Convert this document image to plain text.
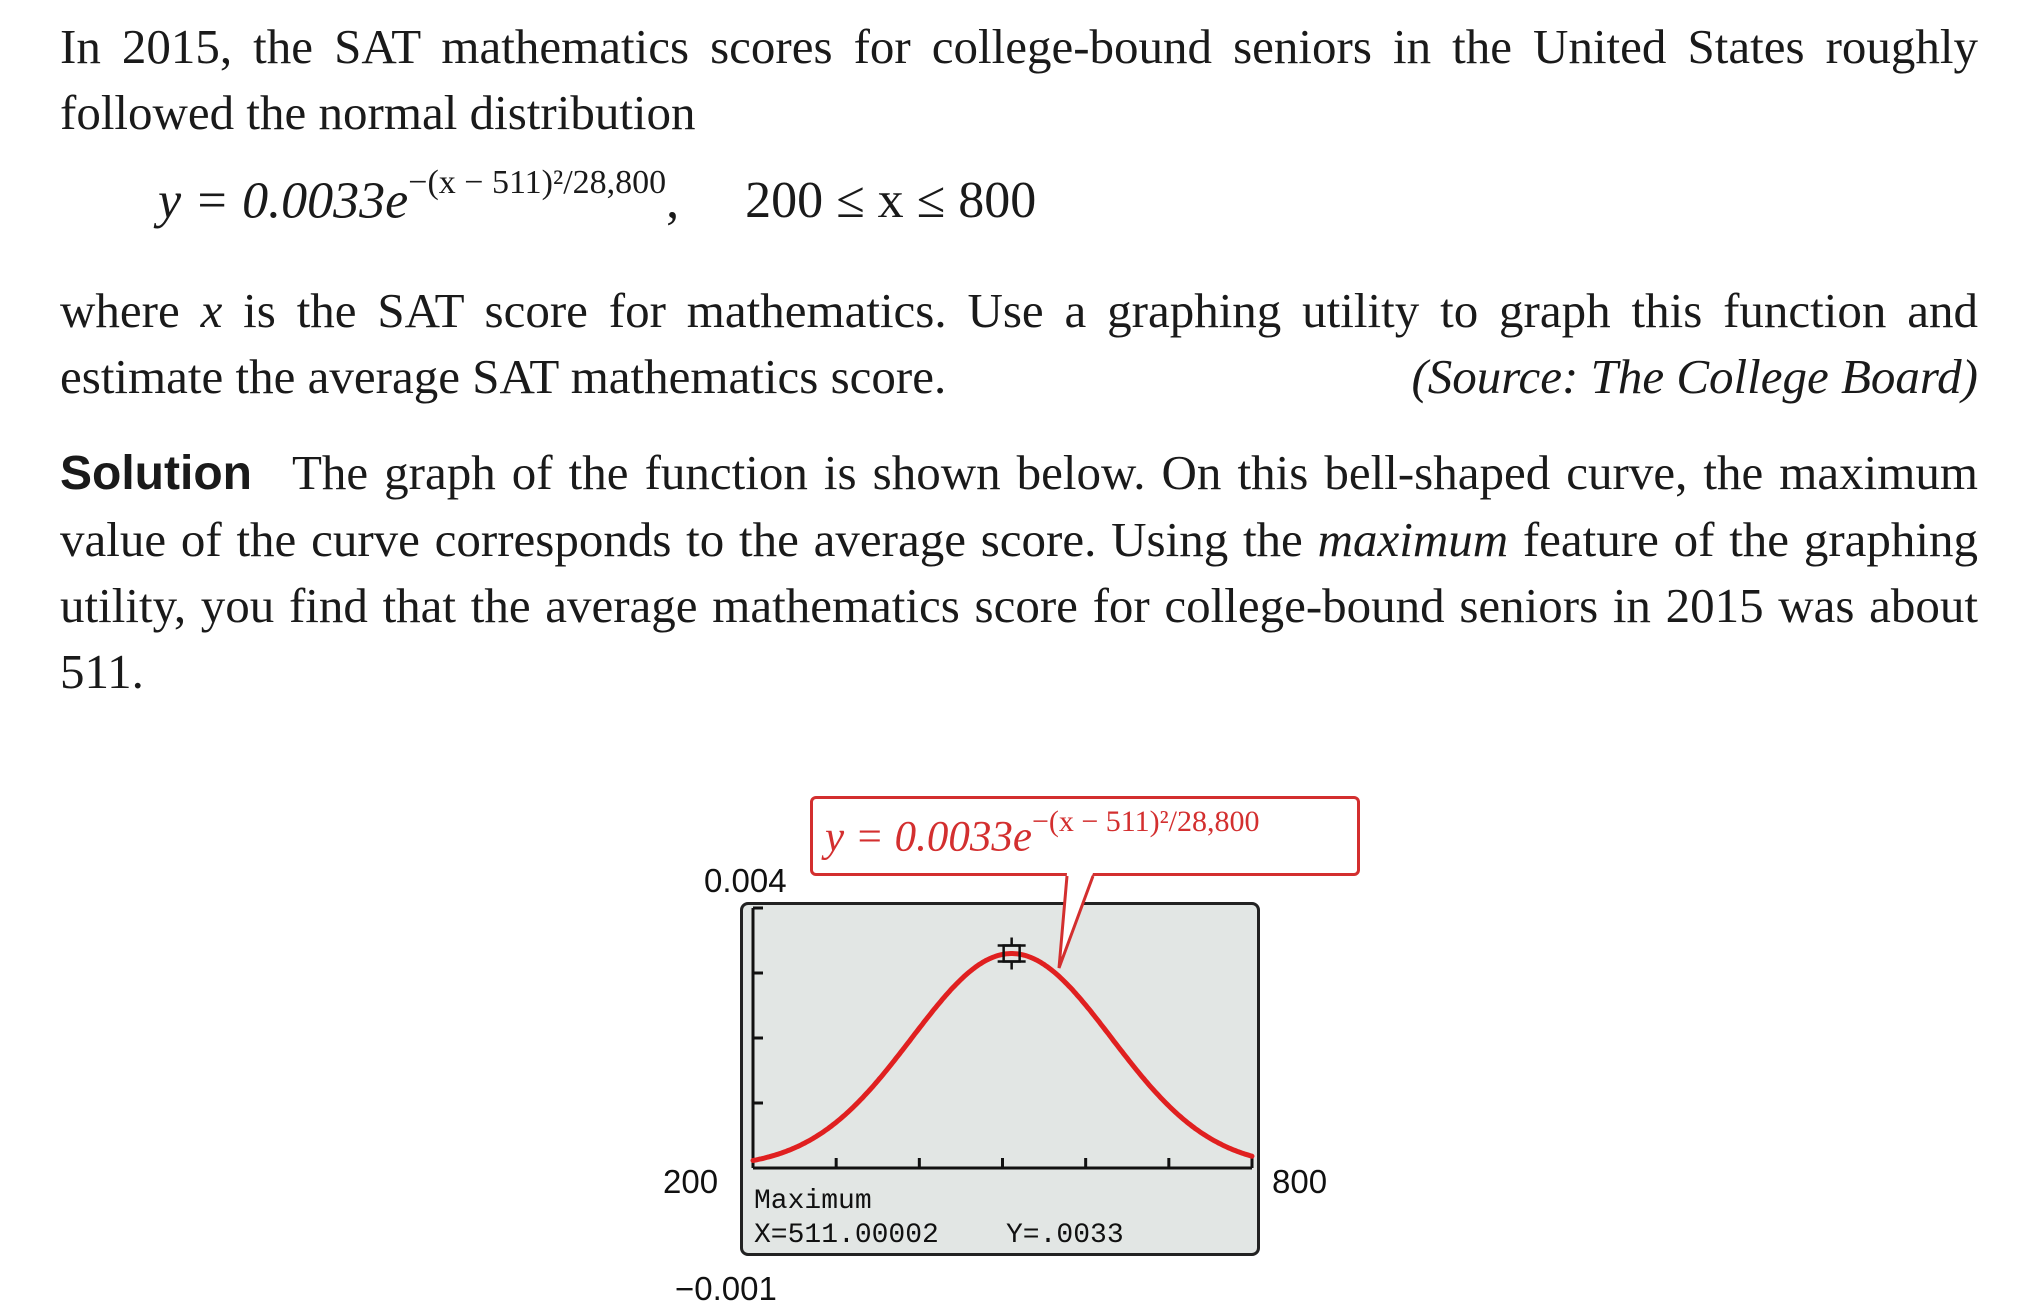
In 2015, the SAT mathematics scores for college-bound seniors in the United States roughly followed the normal distribution
$y = 0.0033e^{-(x - 511)^2/28,800}$, 200 ≤ x ≤ 800
where x is the SAT score for mathematics. Use a graphing utility to graph this function and estimate the average SAT mathematics score.	(Source: The College Board)
Solution The graph of the function is shown below. On this bell-shaped curve, the maximum value of the curve corresponds to the average score. Using the maximum feature of the graphing utility, you find that the average mathematics score for college-bound seniors in 2015 was about 511.
0.004
200	800
−0.001
Maximum
X=511.00002 Y=.0033
$y = 0.0033e^{-(x - 511)^2/28,800}$
